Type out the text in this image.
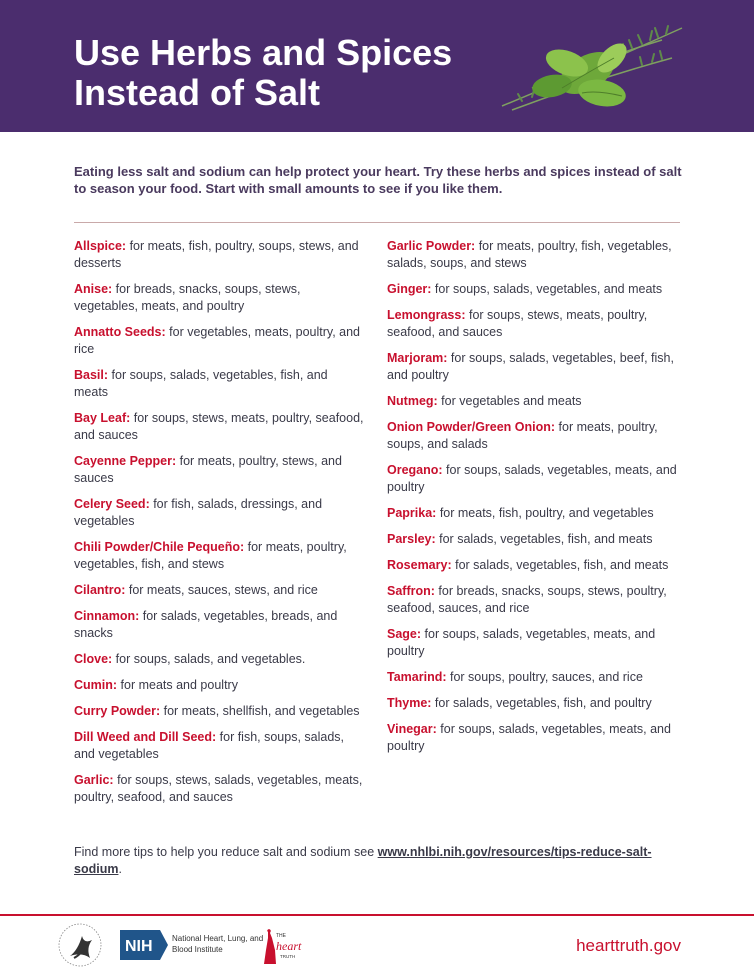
Use Herbs and Spices
Instead of Salt

Eating less salt and sodium can help protect your heart. Try these herbs and spices instead of salt to season your food. Start with small amounts to see if you like them.

Allspice: for meats, fish, poultry, soups, stews, and desserts

Anise: for breads, snacks, soups, stews, vegetables, meats, and poultry

Annatto Seeds: for vegetables, meats, poultry, and rice

Basil: for soups, salads, vegetables, fish, and meats

Bay Leaf: for soups, stews, meats, poultry, seafood, and sauces

Cayenne Pepper: for meats, poultry, stews, and sauces

Celery Seed: for fish, salads, dressings, and vegetables

Chili Powder/Chile Pequeño: for meats, poultry, vegetables, fish, and stews

Cilantro: for meats, sauces, stews, and rice

Cinnamon: for salads, vegetables, breads, and snacks

Clove: for soups, salads, and vegetables.

Cumin: for meats and poultry

Curry Powder: for meats, shellfish, and vegetables

Dill Weed and Dill Seed: for fish, soups, salads, and vegetables

Garlic: for soups, stews, salads, vegetables, meats, poultry, seafood, and sauces

Garlic Powder: for meats, poultry, fish, vegetables, salads, soups, and stews

Ginger: for soups, salads, vegetables, and meats

Lemongrass: for soups, stews, meats, poultry, seafood, and sauces

Marjoram: for soups, salads, vegetables, beef, fish, and poultry

Nutmeg: for vegetables and meats

Onion Powder/Green Onion: for meats, poultry, soups, and salads

Oregano: for soups, salads, vegetables, meats, and poultry

Paprika: for meats, fish, poultry, and vegetables

Parsley: for salads, vegetables, fish, and meats

Rosemary: for salads, vegetables, fish, and meats

Saffron: for breads, snacks, soups, stews, poultry, seafood, sauces, and rice

Sage: for soups, salads, vegetables, meats, and poultry

Tamarind: for soups, poultry, sauces, and rice

Thyme: for salads, vegetables, fish, and poultry

Vinegar: for soups, salads, vegetables, meats, and poultry

Find more tips to help you reduce salt and sodium see www.nhlbi.nih.gov/resources/tips-reduce-salt-sodium.

NIH National Heart, Lung, and Blood Institute
THE
heart
TRUTH
hearttruth.gov
